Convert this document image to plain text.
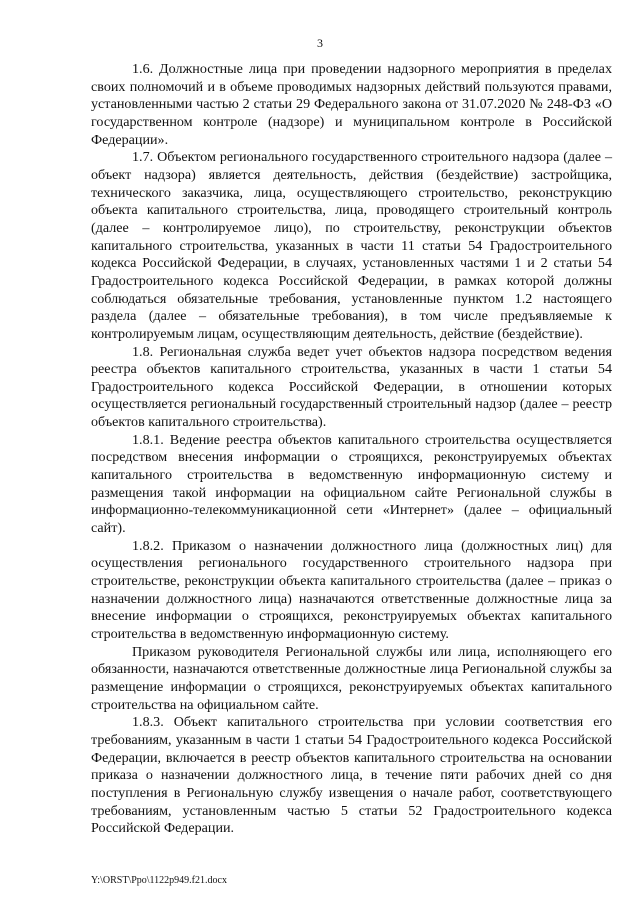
3

1.6. Должностные лица при проведении надзорного мероприятия в пределах своих полномочий и в объеме проводимых надзорных действий пользуются правами, установленными частью 2 статьи 29 Федерального закона от 31.07.2020 № 248-ФЗ «О государственном контроле (надзоре) и муниципальном контроле в Российской Федерации».

1.7. Объектом регионального государственного строительного надзора (далее – объект надзора) является деятельность, действия (бездействие) застройщика, технического заказчика, лица, осуществляющего строительство, реконструкцию объекта капитального строительства, лица, проводящего строительный контроль (далее – контролируемое лицо), по строительству, реконструкции объектов капитального строительства, указанных в части 11 статьи 54 Градостроительного кодекса Российской Федерации, в случаях, установленных частями 1 и 2 статьи 54 Градостроительного кодекса Российской Федерации, в рамках которой должны соблюдаться обязательные требования, установленные пунктом 1.2 настоящего раздела (далее – обязательные требования), в том числе предъявляемые к контролируемым лицам, осуществляющим деятельность, действие (бездействие).

1.8. Региональная служба ведет учет объектов надзора посредством ведения реестра объектов капитального строительства, указанных в части 1 статьи 54 Градостроительного кодекса Российской Федерации, в отношении которых осуществляется региональный государственный строительный надзор (далее – реестр объектов капитального строительства).

1.8.1. Ведение реестра объектов капитального строительства осуществляется посредством внесения информации о строящихся, реконструируемых объектах капитального строительства в ведомственную информационную систему и размещения такой информации на официальном сайте Региональной службы в информационно-телекоммуникационной сети «Интернет» (далее – официальный сайт).

1.8.2. Приказом о назначении должностного лица (должностных лиц) для осуществления регионального государственного строительного надзора при строительстве, реконструкции объекта капитального строительства (далее – приказ о назначении должностного лица) назначаются ответственные должностные лица за внесение информации о строящихся, реконструируемых объектах капитального строительства в ведомственную информационную систему.

Приказом руководителя Региональной службы или лица, исполняющего его обязанности, назначаются ответственные должностные лица Региональной службы за размещение информации о строящихся, реконструируемых объектах капитального строительства на официальном сайте.

1.8.3. Объект капитального строительства при условии соответствия его требованиям, указанным в части 1 статьи 54 Градостроительного кодекса Российской Федерации, включается в реестр объектов капитального строительства на основании приказа о назначении должностного лица, в течение пяти рабочих дней со дня поступления в Региональную службу извещения о начале работ, соответствующего требованиям, установленным частью 5 статьи 52 Градостроительного кодекса Российской Федерации.

Y:\ORST\Ppo\1122p949.f21.docx
